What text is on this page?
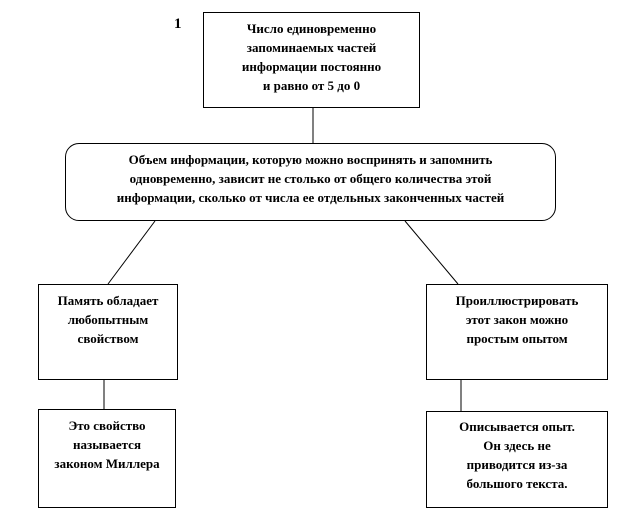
1	Число единовременно
запоминаемых частей
информации постоянно
и равно от 5 до 0
Объем информации, которую можно воспринять и запомнить
одновременно, зависит не столько от общего количества этой
информации, сколько от числа ее отдельных законченных частей
Память обладает
любопытным
свойством
Это свойство
называется
законом Миллера
Проиллюстрировать
этот закон можно
простым опытом
Описывается опыт.
Он здесь не
приводится из-за
большого текста.
